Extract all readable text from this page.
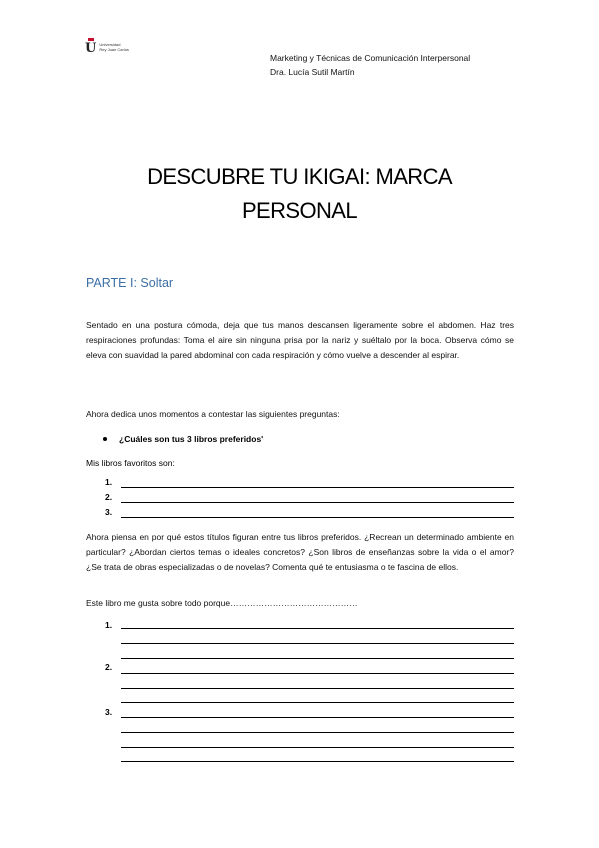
U Universidad
Rey Juan Carlos
Marketing y Técnicas de Comunicación Interpersonal
Dra. Lucía Sutil Martín
DESCUBRE TU IKIGAI: MARCA
PERSONAL
PARTE I: Soltar
Sentado en una postura cómoda, deja que tus manos descansen ligeramente sobre el abdomen. Haz tres respiraciones profundas: Toma el aire sin ninguna prisa por la nariz y suéltalo por la boca. Observa cómo se eleva con suavidad la pared abdominal con cada respiración y cómo vuelve a descender al espirar.
Ahora dedica unos momentos a contestar las siguientes preguntas:
¿Cuáles son tus 3 libros preferidos'
Mis libros favoritos son:
1.
2.
3.
Ahora piensa en por qué estos títulos figuran entre tus libros preferidos. ¿Recrean un determinado ambiente en particular? ¿Abordan ciertos temas o ideales concretos? ¿Son libros de enseñanzas sobre la vida o el amor? ¿Se trata de obras especializadas o de novelas? Comenta qué te entusiasma o te fascina de ellos.
Este libro me gusta sobre todo porque………………………………………
1.
2.
3.
